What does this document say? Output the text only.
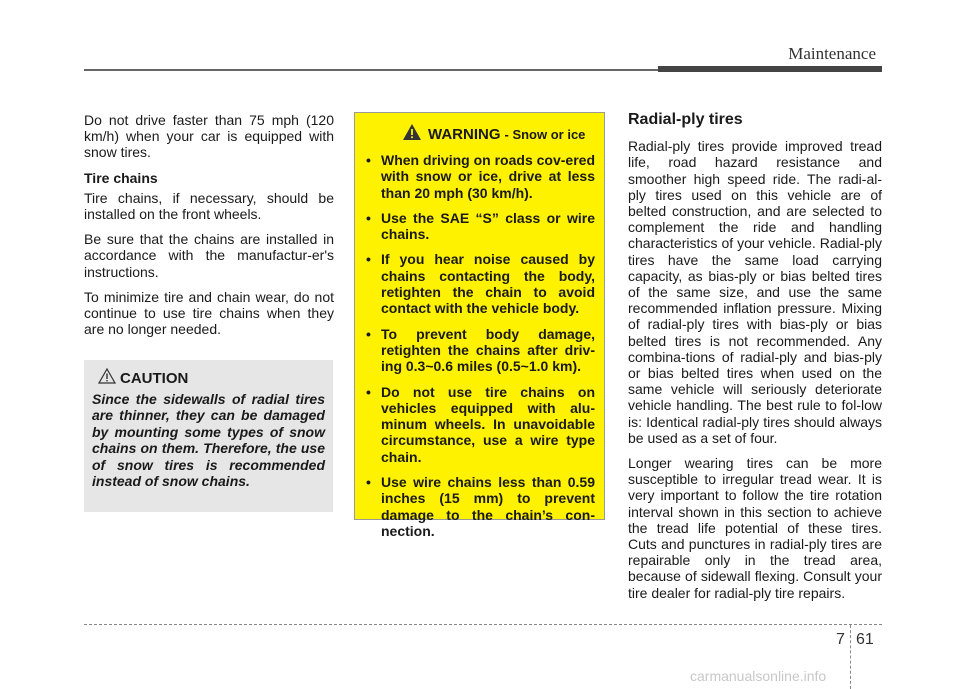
Maintenance

Do not drive faster than 75 mph (120 km/h) when your car is equipped with snow tires.

Tire chains

Tire chains, if necessary, should be installed on the front wheels.

Be sure that the chains are installed in accordance with the manufactur-er's instructions.

To minimize tire and chain wear, do not continue to use tire chains when they are no longer needed.

CAUTION
Since the sidewalls of radial tires are thinner, they can be damaged by mounting some types of snow chains on them. Therefore, the use of snow tires is recommended instead of snow chains.
WARNING - Snow or ice
• When driving on roads cov-ered with snow or ice, drive at less than 20 mph (30 km/h).
• Use the SAE “S” class or wire chains.
• If you hear noise caused by chains contacting the body, retighten the chain to avoid contact with the vehicle body.
• To prevent body damage, retighten the chains after driv-ing 0.3~0.6 miles (0.5~1.0 km).
• Do not use tire chains on vehicles equipped with alu-minum wheels. In unavoidable circumstance, use a wire type chain.
• Use wire chains less than 0.59 inches (15 mm) to prevent damage to the chain’s con-nection.
Radial-ply tires

Radial-ply tires provide improved tread life, road hazard resistance and smoother high speed ride. The radi-al-ply tires used on this vehicle are of belted construction, and are selected to complement the ride and handling characteristics of your vehicle. Radial-ply tires have the same load carrying capacity, as bias-ply or bias belted tires of the same size, and use the same recommended inflation pressure. Mixing of radial-ply tires with bias-ply or bias belted tires is not recommended. Any combina-tions of radial-ply and bias-ply or bias belted tires when used on the same vehicle will seriously deteriorate vehicle handling. The best rule to fol-low is: Identical radial-ply tires should always be used as a set of four.

Longer wearing tires can be more susceptible to irregular tread wear. It is very important to follow the tire rotation interval shown in this section to achieve the tread life potential of these tires. Cuts and punctures in radial-ply tires are repairable only in the tread area, because of sidewall flexing. Consult your tire dealer for radial-ply tire repairs.

7 61
carmanualsonline.info
